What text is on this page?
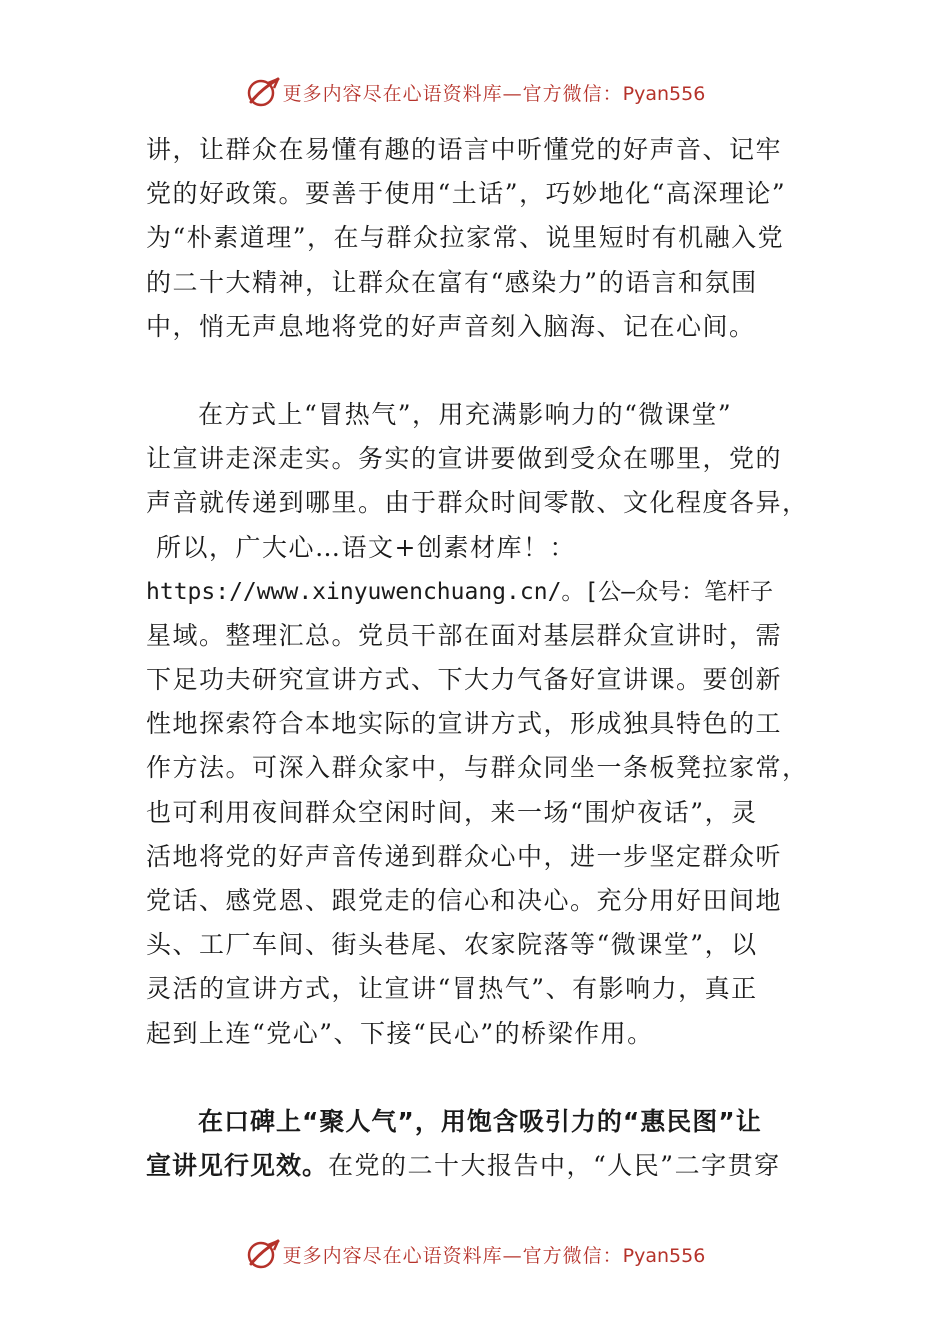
更多内容尽在心语资料库—官方微信：Pyan556
讲，让群众在易懂有趣的语言中听懂党的好声音、记牢
党的好政策。要善于使用“土话”，巧妙地化“高深理论”
为“朴素道理”，在与群众拉家常、说里短时有机融入党
的二十大精神，让群众在富有“感染力”的语言和氛围
中，悄无声息地将党的好声音刻入脑海、记在心间。
在方式上“冒热气”，用充满影响力的“微课堂”
让宣讲走深走实。务实的宣讲要做到受众在哪里，党的
声音就传递到哪里。由于群众时间零散、文化程度各异，
所以，广大心…语文+创素材库！：
https://www.xinyuwenchuang.cn/。[公—众号：笔杆子
星域。整理汇总。党员干部在面对基层群众宣讲时，需
下足功夫研究宣讲方式、下大力气备好宣讲课。要创新
性地探索符合本地实际的宣讲方式，形成独具特色的工
作方法。可深入群众家中，与群众同坐一条板凳拉家常，
也可利用夜间群众空闲时间，来一场“围炉夜话”，灵
活地将党的好声音传递到群众心中，进一步坚定群众听
党话、感党恩、跟党走的信心和决心。充分用好田间地
头、工厂车间、街头巷尾、农家院落等“微课堂”，以
灵活的宣讲方式，让宣讲“冒热气”、有影响力，真正
起到上连“党心”、下接“民心”的桥梁作用。
在口碑上“聚人气”，用饱含吸引力的“惠民图”让
宣讲见行见效。在党的二十大报告中，“人民”二字贯穿
更多内容尽在心语资料库—官方微信：Pyan556
